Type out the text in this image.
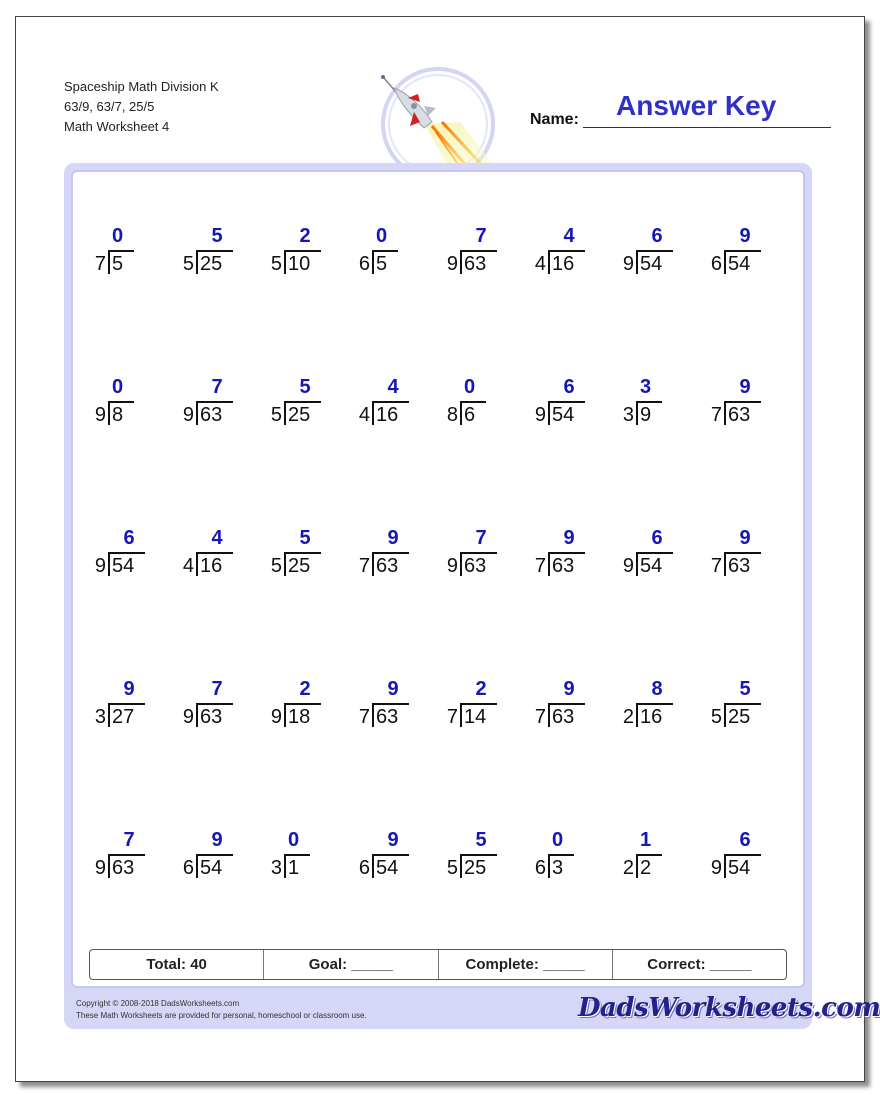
Spaceship Math Division K
63/9, 63/7, 25/5
Math Worksheet 4	Name: Answer Key
0
7 5
5
5 25
2
5 10
0
6 5
7
9 63
4
4 16
6
9 54
9
6 54
0
9 8
7
9 63
5
5 25
4
4 16
0
8 6
6
9 54
3
3 9
9
7 63
6
9 54
4
4 16
5
5 25
9
7 63
7
9 63
9
7 63
6
9 54
9
7 63
9
3 27
7
9 63
2
9 18
9
7 63
2
7 14
9
7 63
8
2 16
5
5 25
7
9 63
9
6 54
0
3 1
9
6 54
5
5 25
0
6 3
1
2 2
6
9 54
Total: 40	Goal: _____	Complete: _____	Correct: _____
Copyright © 2008-2018 DadsWorksheets.com
These Math Worksheets are provided for personal, homeschool or classroom use.	DadsWorksheets.com
